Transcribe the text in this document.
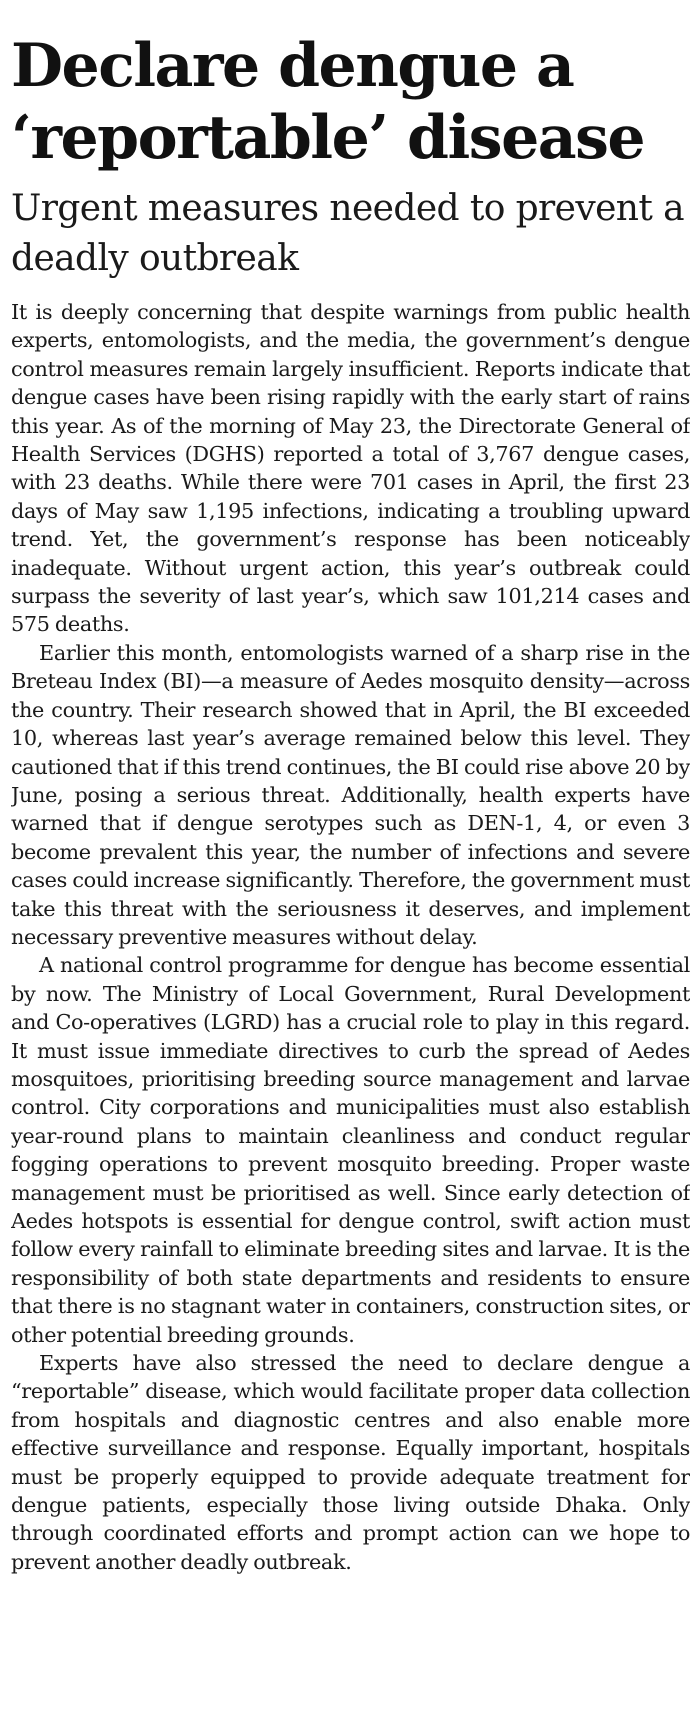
Declare dengue a ‘reportable’ disease
Urgent measures needed to prevent a deadly outbreak

It is deeply concerning that despite warnings from public health experts, entomologists, and the media, the government’s dengue control measures remain largely insufficient. Reports indicate that dengue cases have been rising rapidly with the early start of rains this year. As of the morning of May 23, the Directorate General of Health Services (DGHS) reported a total of 3,767 dengue cases, with 23 deaths. While there were 701 cases in April, the first 23 days of May saw 1,195 infections, indicating a troubling upward trend. Yet, the government’s response has been noticeably inadequate. Without urgent action, this year’s outbreak could surpass the severity of last year’s, which saw 101,214 cases and 575 deaths.

Earlier this month, entomologists warned of a sharp rise in the Breteau Index (BI)—a measure of Aedes mosquito density—across the country. Their research showed that in April, the BI exceeded 10, whereas last year’s average remained below this level. They cautioned that if this trend continues, the BI could rise above 20 by June, posing a serious threat. Additionally, health experts have warned that if dengue serotypes such as DEN-1, 4, or even 3 become prevalent this year, the number of infections and severe cases could increase significantly. Therefore, the government must take this threat with the seriousness it deserves, and implement necessary preventive measures without delay.

A national control programme for dengue has become essential by now. The Ministry of Local Government, Rural Development and Co-operatives (LGRD) has a crucial role to play in this regard. It must issue immediate directives to curb the spread of Aedes mosquitoes, prioritising breeding source management and larvae control. City corporations and municipalities must also establish year-round plans to maintain cleanliness and conduct regular fogging operations to prevent mosquito breeding. Proper waste management must be prioritised as well. Since early detection of Aedes hotspots is essential for dengue control, swift action must follow every rainfall to eliminate breeding sites and larvae. It is the responsibility of both state departments and residents to ensure that there is no stagnant water in containers, construction sites, or other potential breeding grounds.

Experts have also stressed the need to declare dengue a “reportable” disease, which would facilitate proper data collection from hospitals and diagnostic centres and also enable more effective surveillance and response. Equally important, hospitals must be properly equipped to provide adequate treatment for dengue patients, especially those living outside Dhaka. Only through coordinated efforts and prompt action can we hope to prevent another deadly outbreak.
